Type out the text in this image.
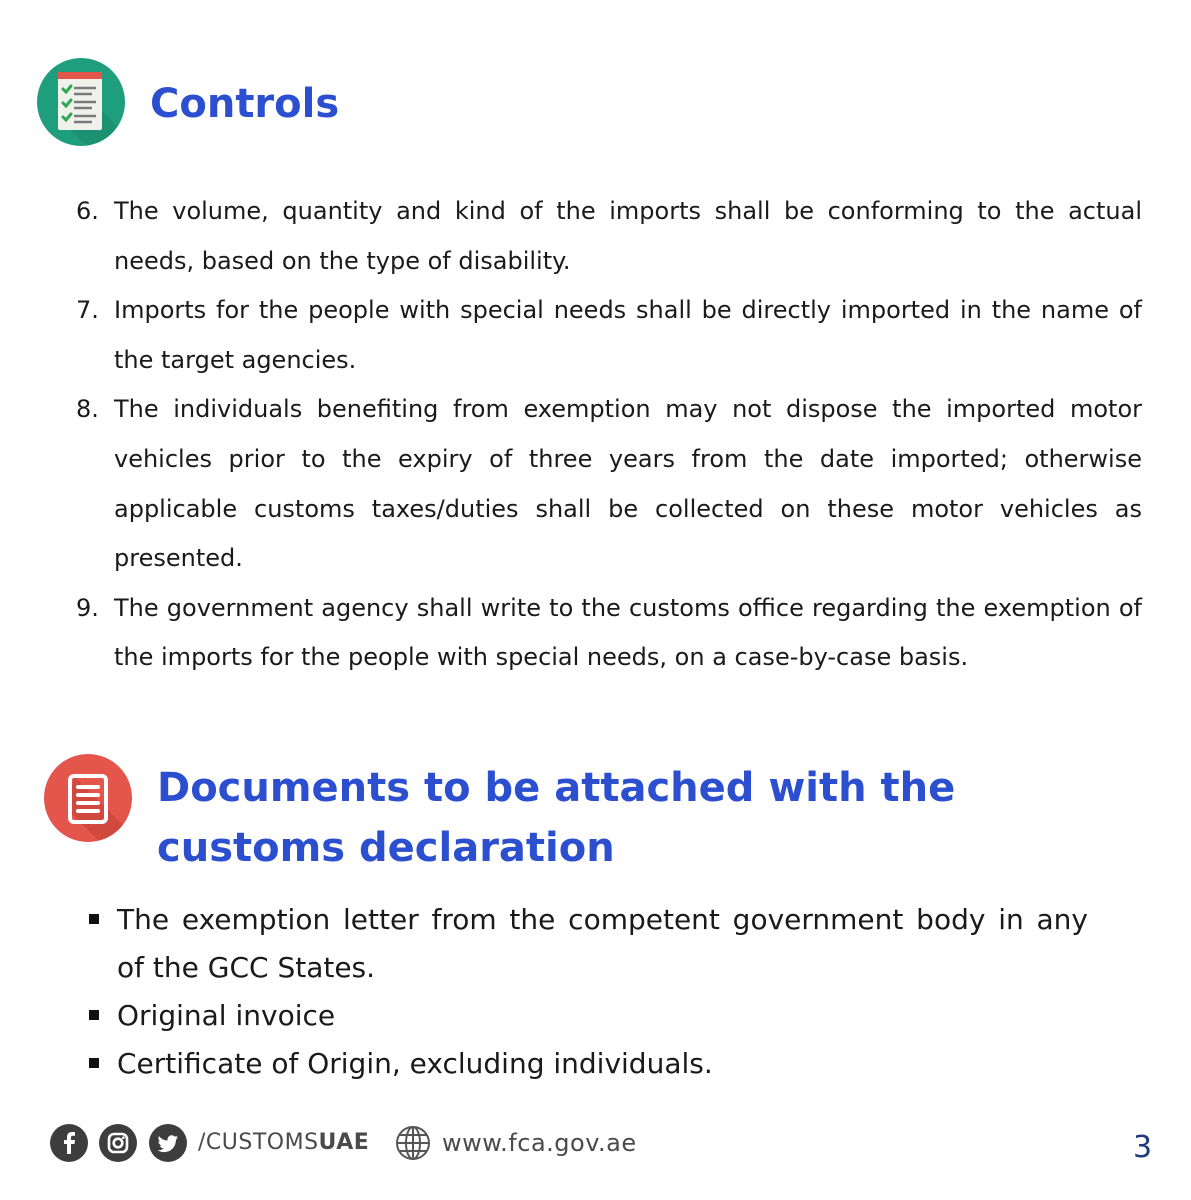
Controls
6. The volume, quantity and kind of the imports shall be conforming to the actual needs, based on the type of disability.
7. Imports for the people with special needs shall be directly imported in the name of the target agencies.
8. The individuals benefiting from exemption may not dispose the imported motor vehicles prior to the expiry of three years from the date imported; otherwise applicable customs taxes/duties shall be collected on these motor vehicles as presented.
9. The government agency shall write to the customs office regarding the exemption of the imports for the people with special needs, on a case-by-case basis.
Documents to be attached with the customs declaration
The exemption letter from the competent government body in any of the GCC States.
Original invoice
Certificate of Origin, excluding individuals.
/CUSTOMSUAE	www.fca.gov.ae	3
